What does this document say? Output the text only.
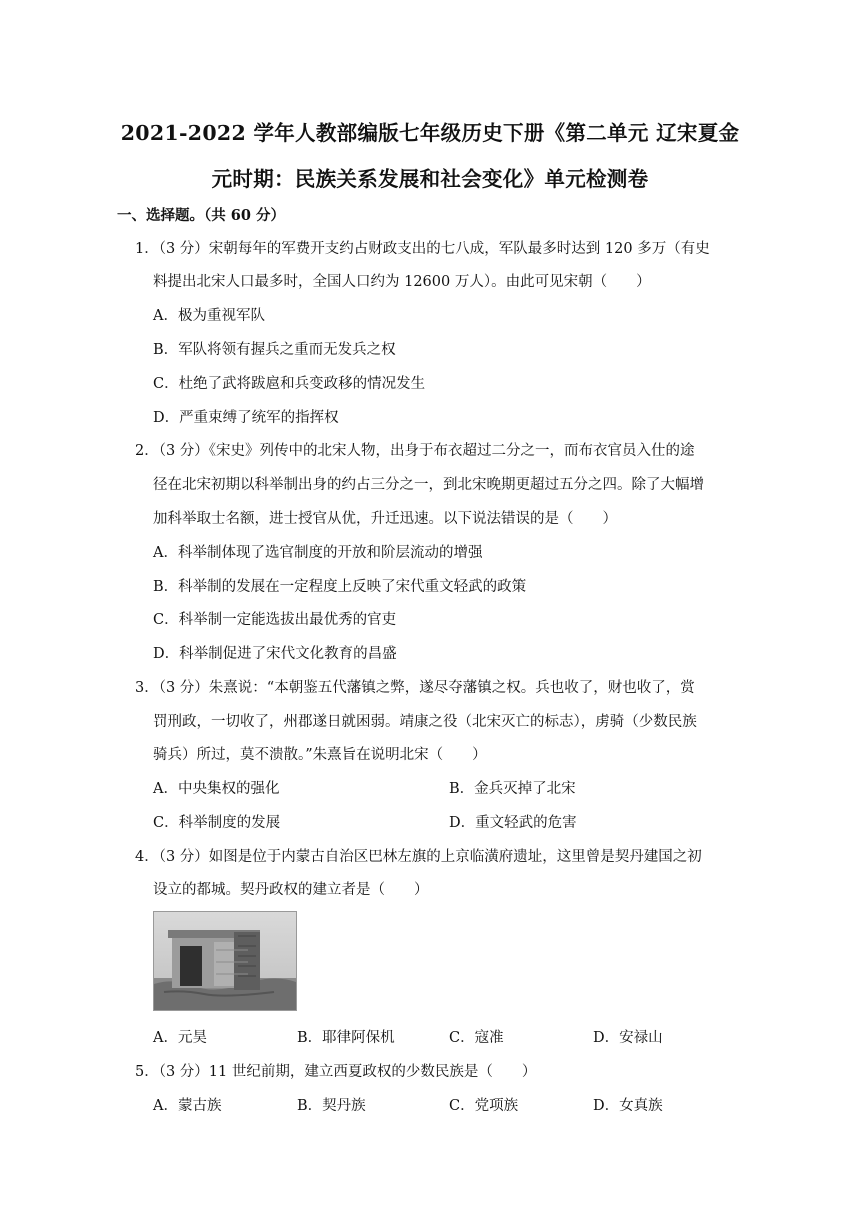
2021-2022 学年人教部编版七年级历史下册《第二单元 辽宋夏金
元时期：民族关系发展和社会变化》单元检测卷
一、选择题。（共 60 分）
1．（3 分）宋朝每年的军费开支约占财政支出的七八成，军队最多时达到 120 多万（有史
料提出北宋人口最多时，全国人口约为 12600 万人）。由此可见宋朝（　　）
A．极为重视军队
B．军队将领有握兵之重而无发兵之权
C．杜绝了武将跋扈和兵变政移的情况发生
D．严重束缚了统军的指挥权
2．（3 分）《宋史》列传中的北宋人物，出身于布衣超过二分之一，而布衣官员入仕的途
径在北宋初期以科举制出身的约占三分之一，到北宋晚期更超过五分之四。除了大幅增
加科举取士名额，进士授官从优，升迁迅速。以下说法错误的是（　　）
A．科举制体现了选官制度的开放和阶层流动的增强
B．科举制的发展在一定程度上反映了宋代重文轻武的政策
C．科举制一定能选拔出最优秀的官吏
D．科举制促进了宋代文化教育的昌盛
3．（3 分）朱熹说：“本朝鉴五代藩镇之弊，遂尽夺藩镇之权。兵也收了，财也收了，赏
罚刑政，一切收了，州郡遂日就困弱。靖康之役（北宋灭亡的标志），虏骑（少数民族
骑兵）所过，莫不溃散。”朱熹旨在说明北宋（　　）
A．中央集权的强化	B．金兵灭掉了北宋
C．科举制度的发展	D．重文轻武的危害
4．（3 分）如图是位于内蒙古自治区巴林左旗的上京临潢府遗址，这里曾是契丹建国之初
设立的都城。契丹政权的建立者是（　　）
A．元昊	B．耶律阿保机	C．寇准	D．安禄山
5．（3 分）11 世纪前期，建立西夏政权的少数民族是（　　）
A．蒙古族	B．契丹族	C．党项族	D．女真族
